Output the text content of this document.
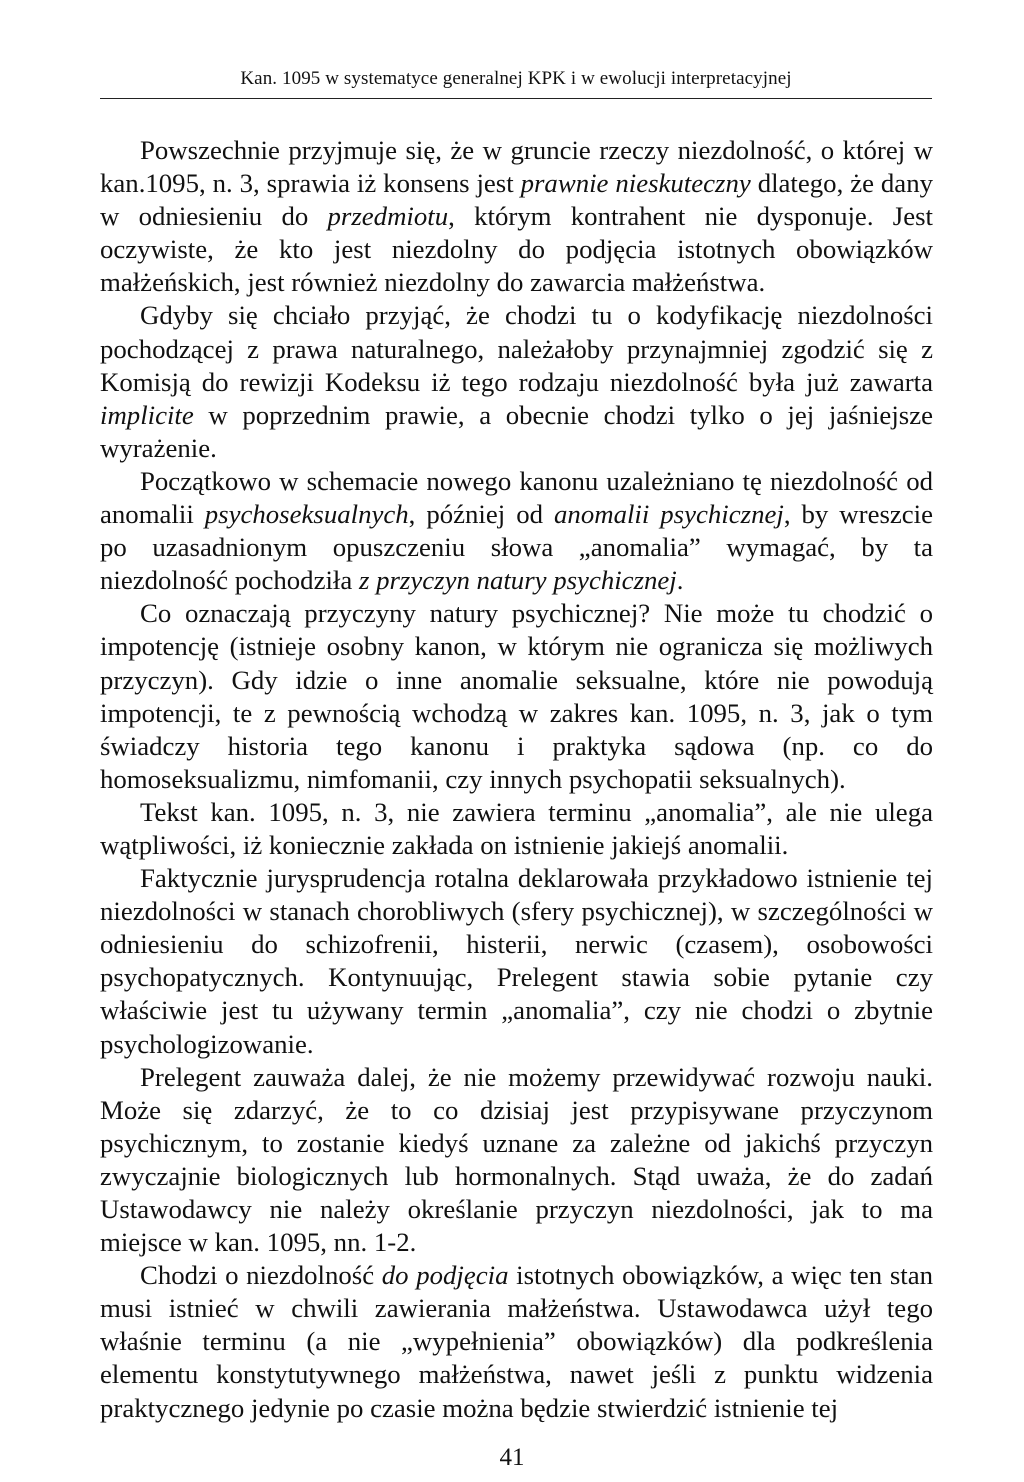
Kan. 1095 w systematyce generalnej KPK i w ewolucji interpretacyjnej

Powszechnie przyjmuje się, że w gruncie rzeczy niezdolność, o której w kan.1095, n. 3, sprawia iż konsens jest prawnie nieskuteczny dlatego, że dany w odniesieniu do przedmiotu, którym kontrahent nie dysponuje. Jest oczywiste, że kto jest niezdolny do podjęcia istotnych obowiązków małżeńskich, jest również niezdolny do zawarcia małżeństwa.

Gdyby się chciało przyjąć, że chodzi tu o kodyfikację niezdolności pochodzącej z prawa naturalnego, należałoby przynajmniej zgodzić się z Komisją do rewizji Kodeksu iż tego rodzaju niezdolność była już zawarta implicite w poprzednim prawie, a obecnie chodzi tylko o jej jaśniejsze wyrażenie.

Początkowo w schemacie nowego kanonu uzależniano tę niezdolność od anomalii psychoseksualnych, później od anomalii psychicznej, by wreszcie po uzasadnionym opuszczeniu słowa „anomalia” wymagać, by ta niezdolność pochodziła z przyczyn natury psychicznej.

Co oznaczają przyczyny natury psychicznej? Nie może tu chodzić o impotencję (istnieje osobny kanon, w którym nie ogranicza się możliwych przyczyn). Gdy idzie o inne anomalie seksualne, które nie powodują impotencji, te z pewnością wchodzą w zakres kan. 1095, n. 3, jak o tym świadczy historia tego kanonu i praktyka sądowa (np. co do homoseksualizmu, nimfomanii, czy innych psychopatii seksualnych).

Tekst kan. 1095, n. 3, nie zawiera terminu „anomalia”, ale nie ulega wątpliwości, iż koniecznie zakłada on istnienie jakiejś anomalii.

Faktycznie jurysprudencja rotalna deklarowała przykładowo istnienie tej niezdolności w stanach chorobliwych (sfery psychicznej), w szczególności w odniesieniu do schizofrenii, histerii, nerwic (czasem), osobowości psychopatycznych. Kontynuując, Prelegent stawia sobie pytanie czy właściwie jest tu używany termin „anomalia”, czy nie chodzi o zbytnie psychologizowanie.

Prelegent zauważa dalej, że nie możemy przewidywać rozwoju nauki. Może się zdarzyć, że to co dzisiaj jest przypisywane przyczynom psychicznym, to zostanie kiedyś uznane za zależne od jakichś przyczyn zwyczajnie biologicznych lub hormonalnych. Stąd uważa, że do zadań Ustawodawcy nie należy określanie przyczyn niezdolności, jak to ma miejsce w kan. 1095, nn. 1-2.

Chodzi o niezdolność do podjęcia istotnych obowiązków, a więc ten stan musi istnieć w chwili zawierania małżeństwa. Ustawodawca użył tego właśnie terminu (a nie „wypełnienia” obowiązków) dla podkreślenia elementu konstytutywnego małżeństwa, nawet jeśli z punktu widzenia praktycznego jedynie po czasie można będzie stwierdzić istnienie tej

41
